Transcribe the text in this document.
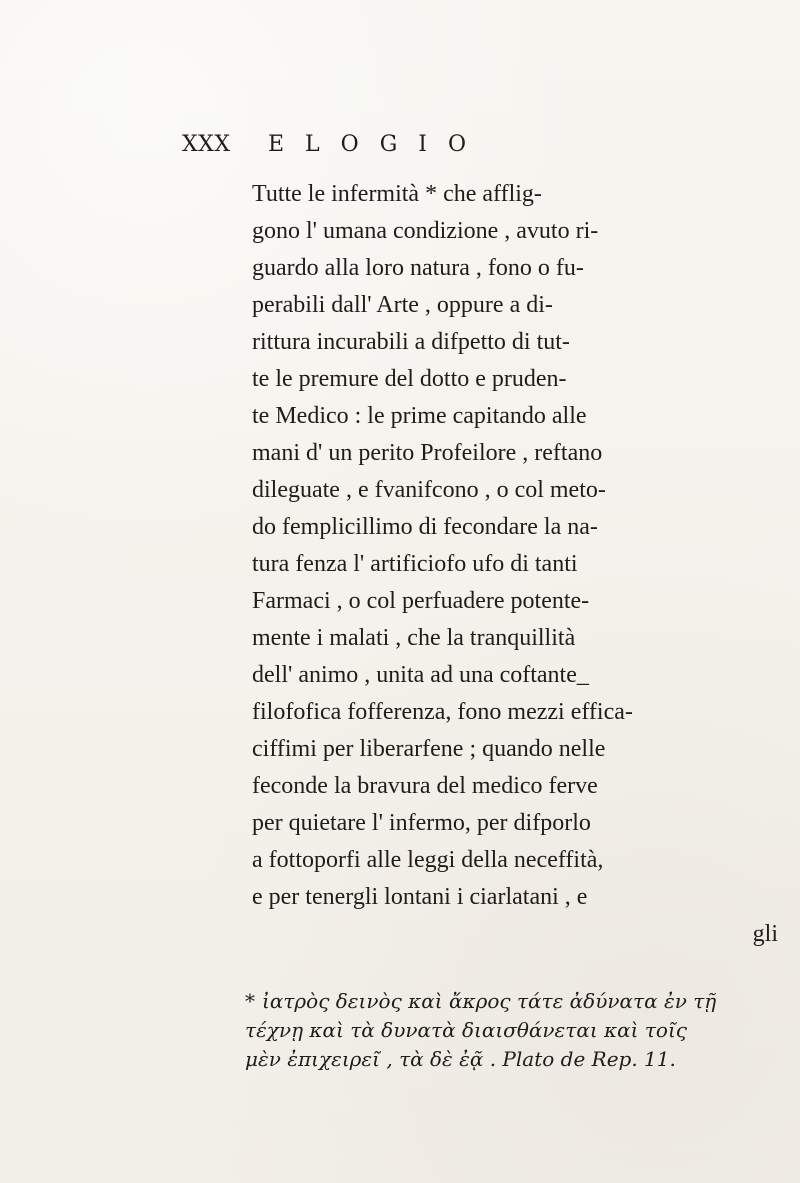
XXX ELOGIO

Tutte le infermità * che afflig-

gono l' umana condizione , avuto ri-

guardo alla loro natura , fono o fu-

perabili dall' Arte , oppure a di-

rittura incurabili a difpetto di tut-

te le premure del dotto e pruden-

te Medico : le prime capitando alle

mani d' un perito Profeilore , reftano

dileguate , e fvanifcono , o col meto-

do femplicillimo di fecondare la na-

tura fenza l' artificiofo ufo di tanti

Farmaci , o col perfuadere potente-

mente i malati , che la tranquillità

dell' animo , unita ad una coftante_

filofofica fofferenza, fono mezzi effica-

ciffimi per liberarfene ; quando nelle

feconde la bravura del medico ferve

per quietare l' infermo, per difporlo

a fottoporfi alle leggi della neceffità,

e per tenergli lontani i ciarlatani , e

gli

* ἰατρὸς δεινὸς καὶ ἄκρος τάτε ἀδύνατα ἐν τῇ

τέχνῃ καὶ τὰ δυνατὰ διαισθάνεται καὶ τοῖς

μὲν ἐπιχειρεῖ , τὰ δὲ ἐᾷ . Plato de Rep. 11.
